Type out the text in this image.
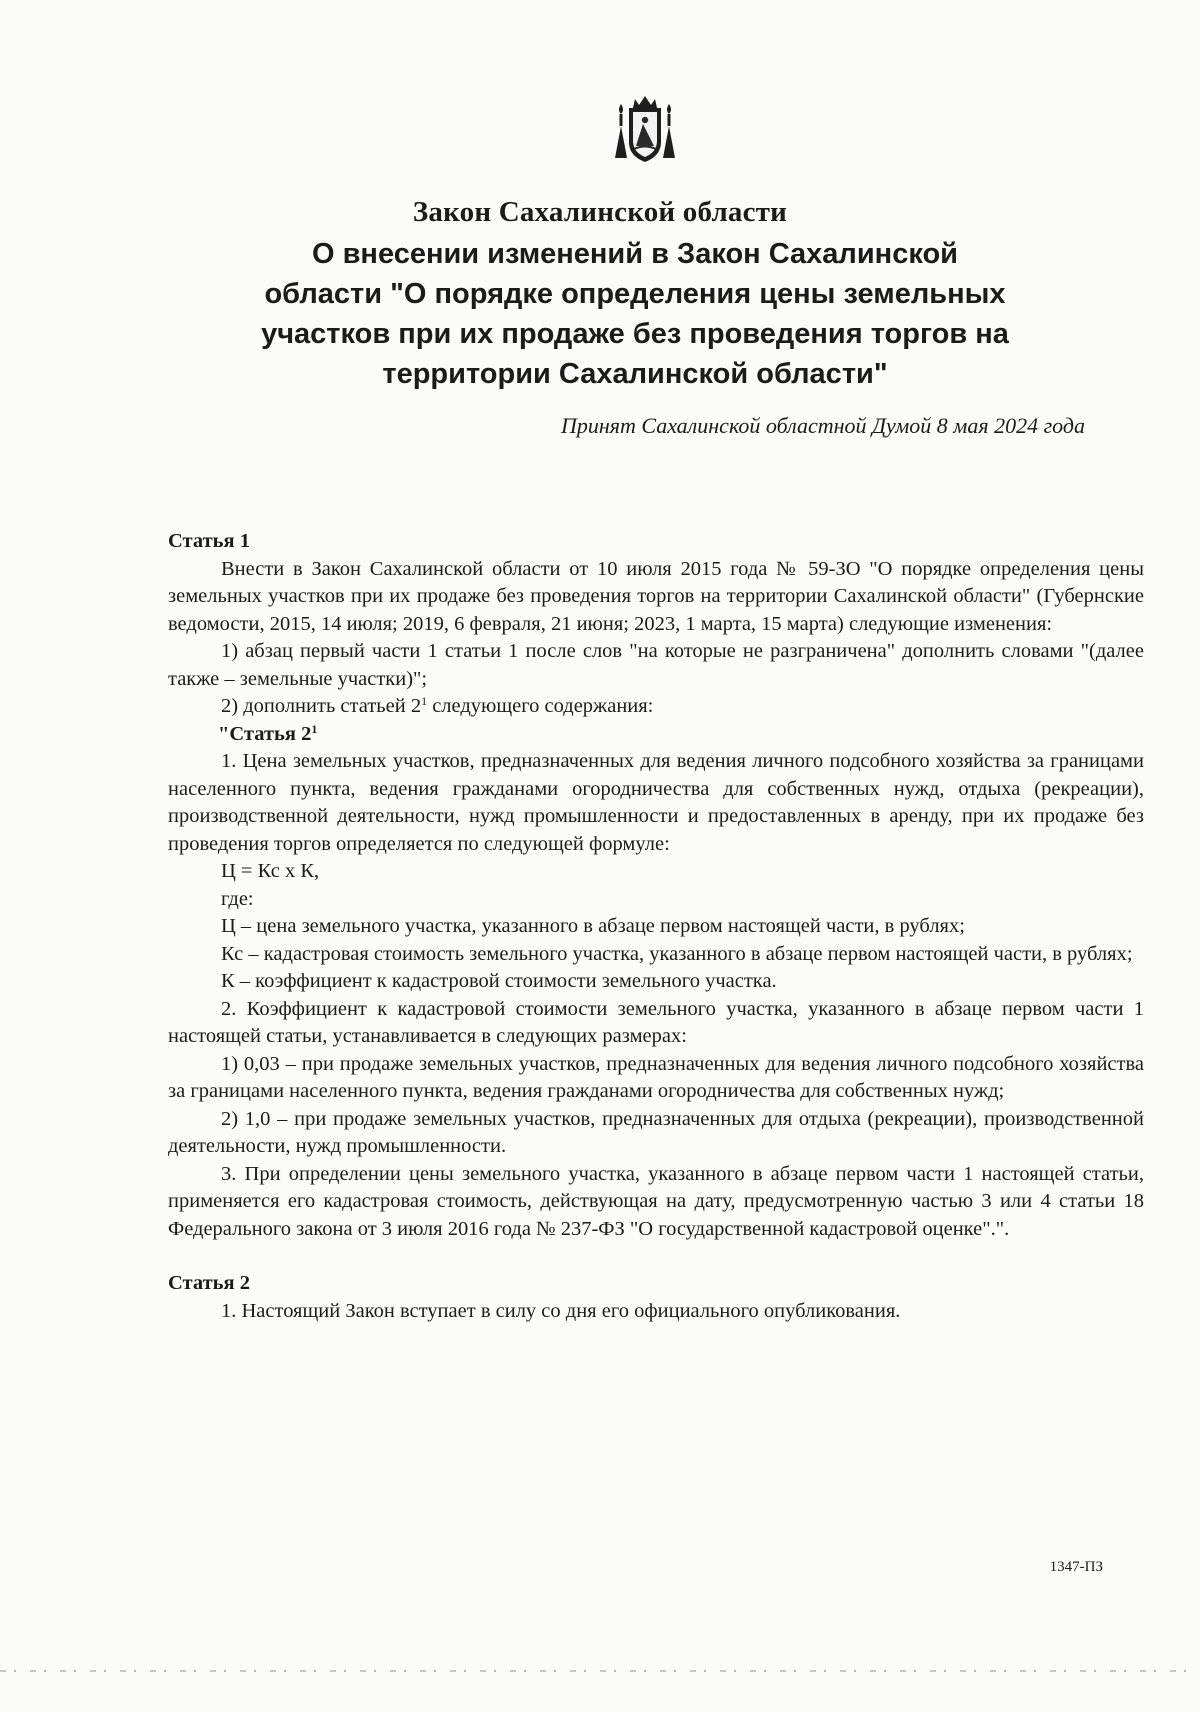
Закон Сахалинской области
О внесении изменений в Закон Сахалинской
области "О порядке определения цены земельных
участков при их продаже без проведения торгов на
территории Сахалинской области"
Принят Сахалинской областной Думой 8 мая 2024 года

Статья 1

Внести в Закон Сахалинской области от 10 июля 2015 года № 59-ЗО "О порядке определения цены земельных участков при их продаже без проведения торгов на территории Сахалинской области" (Губернские ведомости, 2015, 14 июля; 2019, 6 февраля, 21 июня; 2023, 1 марта, 15 марта) следующие изменения:

1) абзац первый части 1 статьи 1 после слов "на которые не разграничена" дополнить словами "(далее также – земельные участки)";

2) дополнить статьей $2^1$ следующего содержания:

"Статья $2^1$

1. Цена земельных участков, предназначенных для ведения личного подсобного хозяйства за границами населенного пункта, ведения гражданами огородничества для собственных нужд, отдыха (рекреации), производственной деятельности, нужд промышленности и предоставленных в аренду, при их продаже без проведения торгов определяется по следующей формуле:

Ц = Кс х К,

где:

Ц – цена земельного участка, указанного в абзаце первом настоящей части, в рублях;

Кс – кадастровая стоимость земельного участка, указанного в абзаце первом настоящей части, в рублях;

К – коэффициент к кадастровой стоимости земельного участка.

2. Коэффициент к кадастровой стоимости земельного участка, указанного в абзаце первом части 1 настоящей статьи, устанавливается в следующих размерах:

1) 0,03 – при продаже земельных участков, предназначенных для ведения личного подсобного хозяйства за границами населенного пункта, ведения гражданами огородничества для собственных нужд;

2) 1,0 – при продаже земельных участков, предназначенных для отдыха (рекреации), производственной деятельности, нужд промышленности.

3. При определении цены земельного участка, указанного в абзаце первом части 1 настоящей статьи, применяется его кадастровая стоимость, действующая на дату, предусмотренную частью 3 или 4 статьи 18 Федерального закона от 3 июля 2016 года № 237-ФЗ "О государственной кадастровой оценке".".

Статья 2

1. Настоящий Закон вступает в силу со дня его официального опубликования.

1347-ПЗ
